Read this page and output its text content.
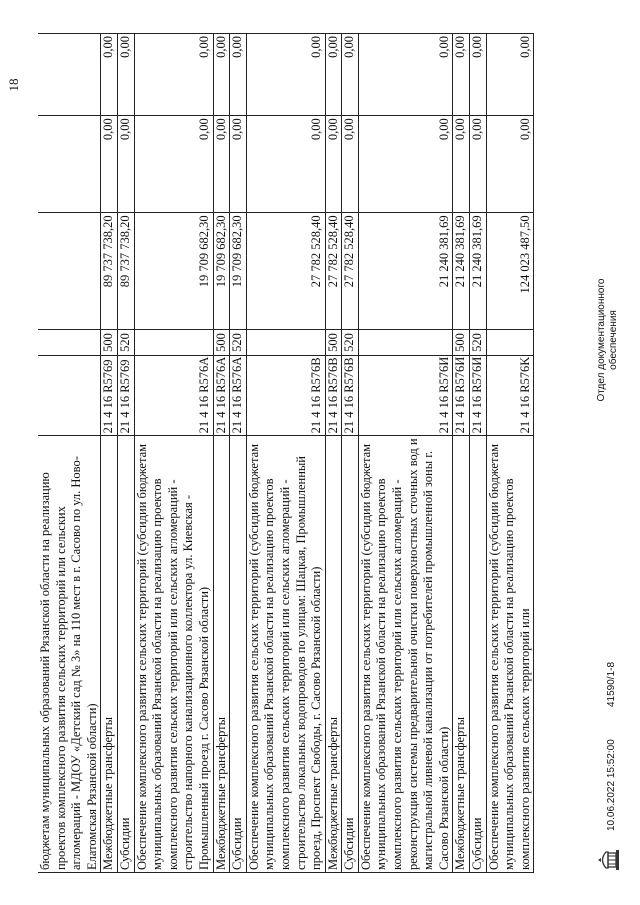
18
бюджетам муниципальных образований Рязанской области на реализацию проектов комплексного развития сельских территорий или сельских агломераций - МДОУ «Детский сад № 3» на 110 мест в г. Сасово по ул. Ново-Елатомская Рязанской области)					
Межбюджетные трансферты	21 4 16 R5769	500	89 737 738,20	0,00	0,00
Субсидии	21 4 16 R5769	520	89 737 738,20	0,00	0,00
Обеспечение комплексного развития сельских территорий (субсидии бюджетам муниципальных образований Рязанской области на реализацию проектов комплексного развития сельских территорий или сельских агломераций - строительство напорного канализационного коллектора ул. Киевская - Промышленный проезд г. Сасово Рязанской области)	21 4 16 R576A		19 709 682,30	0,00	0,00
Межбюджетные трансферты	21 4 16 R576A	500	19 709 682,30	0,00	0,00
Субсидии	21 4 16 R576A	520	19 709 682,30	0,00	0,00
Обеспечение комплексного развития сельских территорий (субсидии бюджетам муниципальных образований Рязанской области на реализацию проектов комплексного развития сельских территорий или сельских агломераций - строительство локальных водопроводов по улицам: Шацкая, Промышленный проезд, Проспект Свободы, г. Сасово Рязанской области)	21 4 16 R576B		27 782 528,40	0,00	0,00
Межбюджетные трансферты	21 4 16 R576B	500	27 782 528,40	0,00	0,00
Субсидии	21 4 16 R576B	520	27 782 528,40	0,00	0,00
Обеспечение комплексного развития сельских территорий (субсидии бюджетам муниципальных образований Рязанской области на реализацию проектов комплексного развития сельских территорий или сельских агломераций - реконструкция системы предварительной очистки поверхностных сточных вод и магистральной ливневой канализации от потребителей промышленной зоны г. Сасово Рязанской области)	21 4 16 R576И		21 240 381,69	0,00	0,00
Межбюджетные трансферты	21 4 16 R576И	500	21 240 381,69	0,00	0,00
Субсидии	21 4 16 R576И	520	21 240 381,69	0,00	0,00
Обеспечение комплексного развития сельских территорий (субсидии бюджетам муниципальных образований Рязанской области на реализацию проектов комплексного развития сельских территорий или	21 4 16 R576K		124 023 487,50	0,00	0,00
10.06.2022 15:52:00
41590/1-8
Отдел документационного обеспечения
